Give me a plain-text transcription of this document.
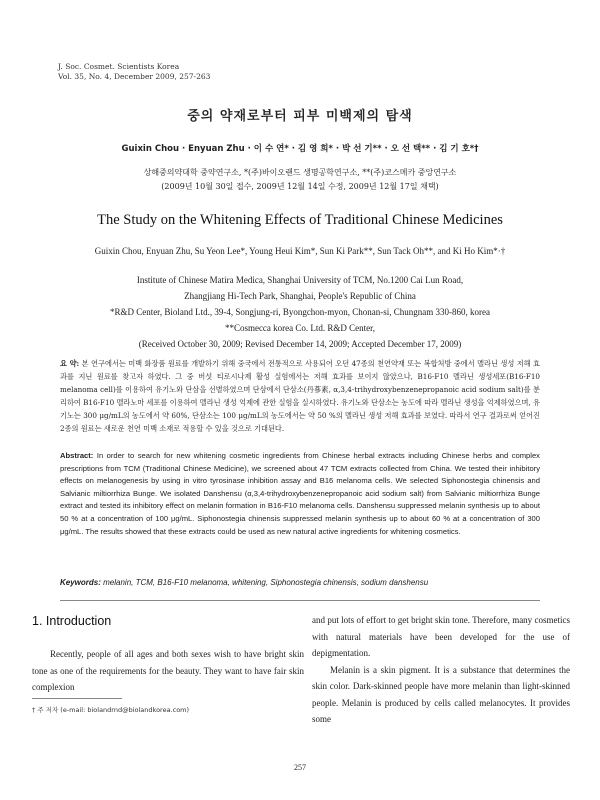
J. Soc. Cosmet. Scientists Korea
Vol. 35, No. 4, December 2009, 257-263
중의 약재로부터 피부 미백제의 탐색
Guixin Chou · Enyuan Zhu · 이 수 연* · 김 영 희* · 박 선 기** · 오 선 택** · 김 기 호*†
상해중의약대학 중약연구소, *(주)바이오랜드 생명공학연구소, **(주)코스메카 중앙연구소
(2009년 10월 30일 접수, 2009년 12월 14일 수정, 2009년 12월 17일 채택)
The Study on the Whitening Effects of Traditional Chinese Medicines
Guixin Chou, Enyuan Zhu, Su Yeon Lee*, Young Heui Kim*, Sun Ki Park**, Sun Tack Oh**, and Ki Ho Kim*·†
Institute of Chinese Matira Medica, Shanghai University of TCM, No.1200 Cai Lun Road,
Zhangjiang Hi-Tech Park, Shanghai, People's Republic of China
*R&D Center, Bioland Ltd., 39-4, Songjung-ri, Byongchon-myon, Chonan-si, Chungnam 330-860, korea
**Cosmecca korea Co. Ltd. R&D Center,
(Received October 30, 2009; Revised December 14, 2009; Accepted December 17, 2009)
요 약: 본 연구에서는 미백 화장품 원료를 개발하기 위해 중국에서 전통적으로 사용되어 오던 47종의 천연약재 또는 복합처방 중에서 멜라닌 생성 저해 효과를 지닌 원료를 찾고자 하였다. 그 중 버섯 티로시나제 활성 실험에서는 저해 효과를 보이지 않았으나, B16-F10 멜라닌 생성세포(B16-F10 melanoma cell)를 이용하여 유기노와 단삼을 선별하였으며 단삼에서 단삼소(丹蔘素, α,3,4-trihydroxybenzenepropanoic acid sodium salt)를 분리하여 B16-F10 멜라노마 세포를 이용하여 멜라닌 생성 억제에 관한 실험을 실시하였다. 유기노와 단삼소는 농도에 따라 멜라닌 생성을 억제하였으며, 유기노는 300 μg/mL의 농도에서 약 60%, 단삼소는 100 μg/mL의 농도에서는 약 50 %의 멜라닌 생성 저해 효과를 보였다. 따라서 연구 결과로써 얻어진 2종의 원료는 새로운 천연 미백 소재로 적용할 수 있을 것으로 기대된다.
Abstract: In order to search for new whitening cosmetic ingredients from Chinese herbal extracts including Chinese herbs and complex prescriptions from TCM (Traditional Chinese Medicine), we screened about 47 TCM extracts collected from China. We tested their inhibitory effects on melanogenesis by using in vitro tyrosinase inhibition assay and B16 melanoma cells. We selected Siphonostegia chinensis and Salvianic miltiorrhiza Bunge. We isolated Danshensu (α,3,4-trihydroxybenzenepropanoic acid sodium salt) from Salvianic miltiorrhiza Bunge extract and tested its inhibitory effect on melanin formation in B16-F10 melanoma cells. Danshensu suppressed melanin synthesis up to about 50 % at a concentration of 100 μg/mL. Siphonostegia chinensis suppressed melanin synthesis up to about 60 % at a concentration of 300 μg/mL. The results showed that these extracts could be used as new natural active ingredients for whitening cosmetics.
Keywords: melanin, TCM, B16-F10 melanoma, whitening, Siphonostegia chinensis, sodium danshensu
1. Introduction

Recently, people of all ages and both sexes wish to have bright skin tone as one of the requirements for the beauty. They want to have fair skin complexion

and put lots of effort to get bright skin tone. Therefore, many cosmetics with natural materials have been developed for the use of depigmentation.

Melanin is a skin pigment. It is a substance that determines the skin color. Dark-skinned people have more melanin than light-skinned people. Melanin is produced by cells called melanocytes. It provides some

† 주 저자 (e-mail: biolandrnd@biolandkorea.com)
257
